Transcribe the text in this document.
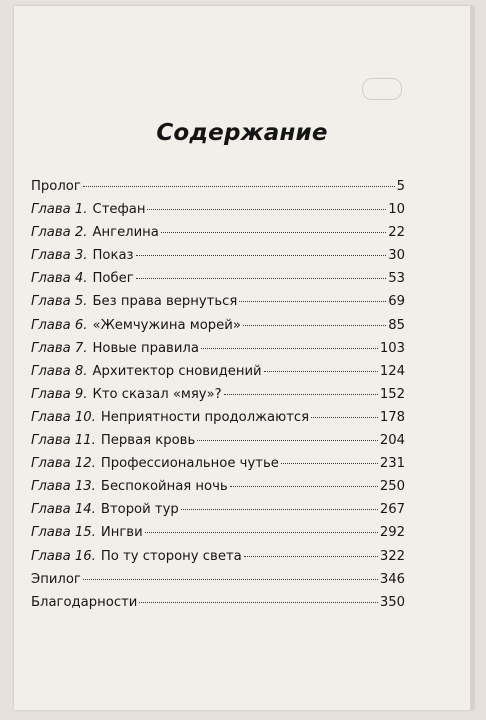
Содержание
Пролог	5
Глава 1. Стефан	10
Глава 2. Ангелина	22
Глава 3. Показ	30
Глава 4. Побег	53
Глава 5. Без права вернуться	69
Глава 6. «Жемчужина морей»	85
Глава 7. Новые правила	103
Глава 8. Архитектор сновидений	124
Глава 9. Кто сказал «мяу»?	152
Глава 10. Неприятности продолжаются	178
Глава 11. Первая кровь	204
Глава 12. Профессиональное чутье	231
Глава 13. Беспокойная ночь	250
Глава 14. Второй тур	267
Глава 15. Ингви	292
Глава 16. По ту сторону света	322
Эпилог	346
Благодарности	350
